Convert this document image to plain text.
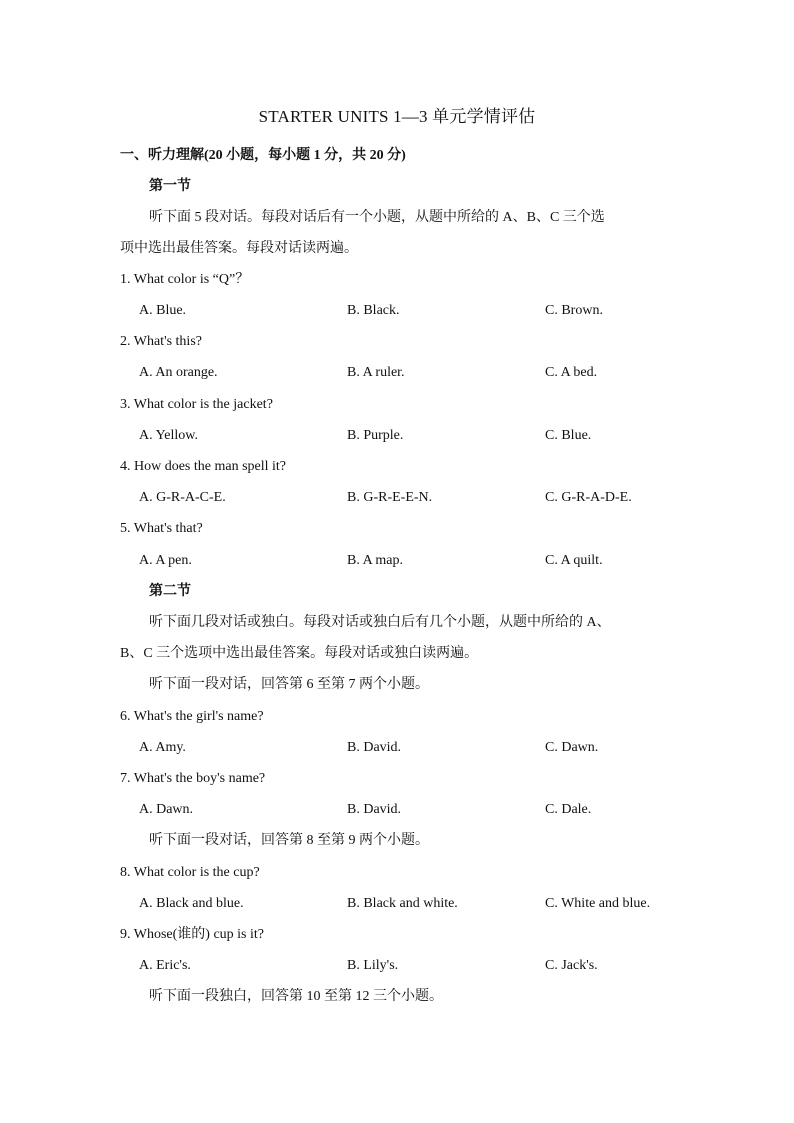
STARTER UNITS 1—3 单元学情评估
一、听力理解(20 小题，每小题 1 分，共 20 分)
第一节
听下面 5 段对话。每段对话后有一个小题，从题中所给的 A、B、C 三个选
项中选出最佳答案。每段对话读两遍。
1. What color is “Q”？
A. Blue.	B. Black.	C. Brown.
2. What's this?
A. An orange.	B. A ruler.	C. A bed.
3. What color is the jacket?
A. Yellow.	B. Purple.	C. Blue.
4. How does the man spell it?
A. G-R-A-C-E.	B. G-R-E-E-N.	C. G-R-A-D-E.
5. What's that?
A. A pen.	B. A map.	C. A quilt.
第二节
听下面几段对话或独白。每段对话或独白后有几个小题，从题中所给的 A、
B、C 三个选项中选出最佳答案。每段对话或独白读两遍。
听下面一段对话，回答第 6 至第 7 两个小题。
6. What's the girl's name?
A. Amy.	B. David.	C. Dawn.
7. What's the boy's name?
A. Dawn.	B. David.	C. Dale.
听下面一段对话，回答第 8 至第 9 两个小题。
8. What color is the cup?
A. Black and blue.	B. Black and white.	C. White and blue.
9. Whose(谁的) cup is it?
A. Eric's.	B. Lily's.	C. Jack's.
听下面一段独白，回答第 10 至第 12 三个小题。
